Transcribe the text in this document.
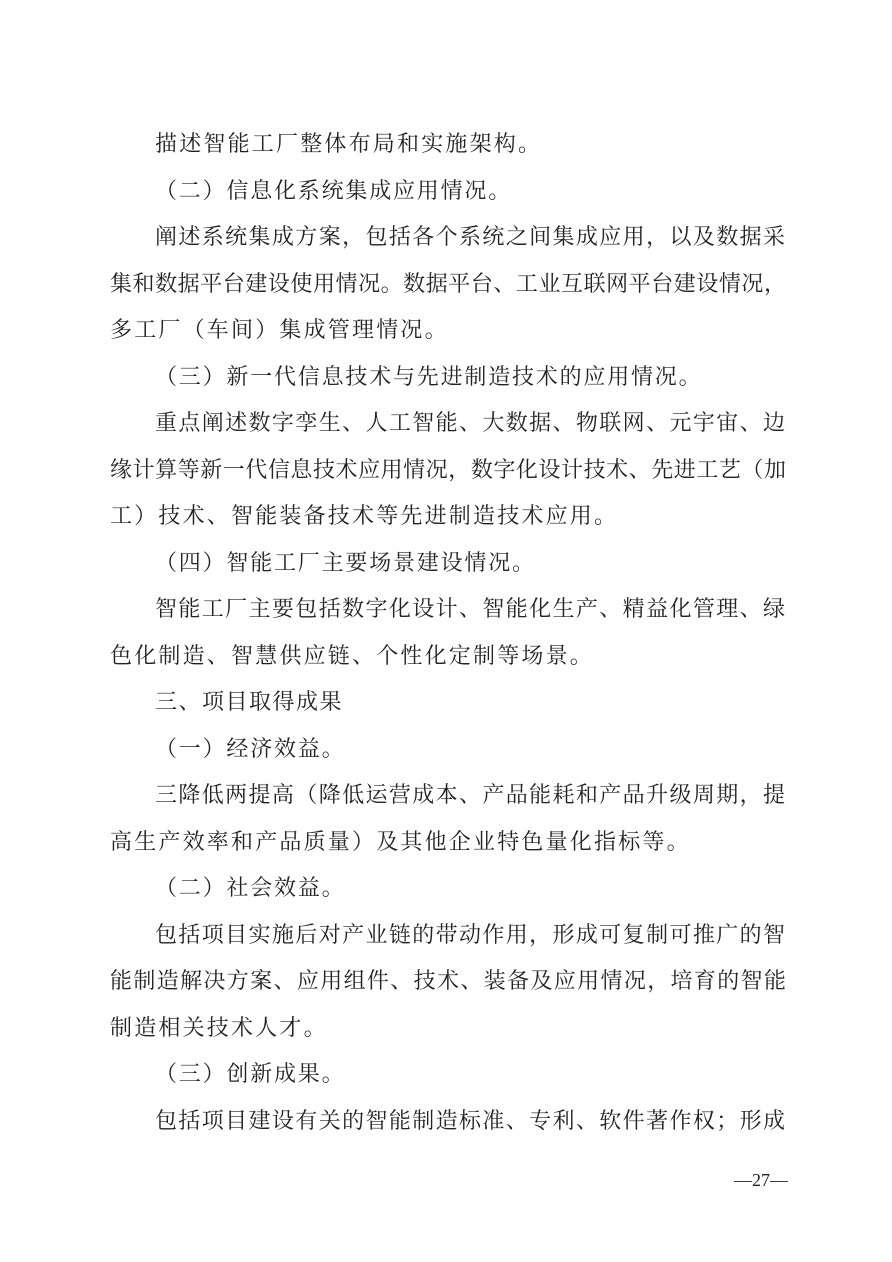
描述智能工厂整体布局和实施架构。
（二）信息化系统集成应用情况。
阐述系统集成方案，包括各个系统之间集成应用，以及数据采
集和数据平台建设使用情况。数据平台、工业互联网平台建设情况，
多工厂（车间）集成管理情况。
（三）新一代信息技术与先进制造技术的应用情况。
重点阐述数字孪生、人工智能、大数据、物联网、元宇宙、边
缘计算等新一代信息技术应用情况，数字化设计技术、先进工艺（加
工）技术、智能装备技术等先进制造技术应用。
（四）智能工厂主要场景建设情况。
智能工厂主要包括数字化设计、智能化生产、精益化管理、绿
色化制造、智慧供应链、个性化定制等场景。
三、项目取得成果
（一）经济效益。
三降低两提高（降低运营成本、产品能耗和产品升级周期，提
高生产效率和产品质量）及其他企业特色量化指标等。
（二）社会效益。
包括项目实施后对产业链的带动作用，形成可复制可推广的智
能制造解决方案、应用组件、技术、装备及应用情况，培育的智能
制造相关技术人才。
（三）创新成果。
包括项目建设有关的智能制造标准、专利、软件著作权；形成
—27—
